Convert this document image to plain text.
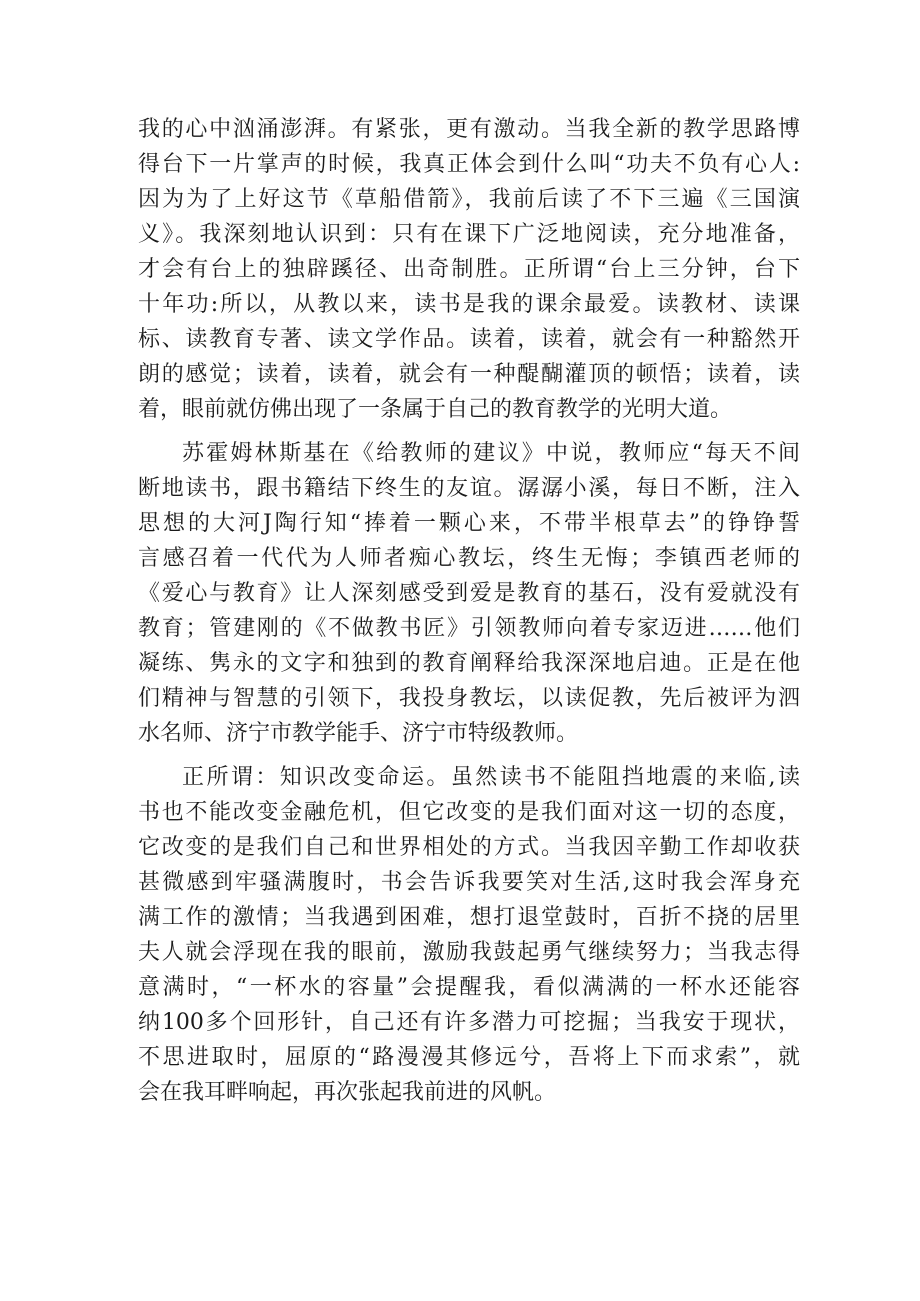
我的心中汹涌澎湃。有紧张，更有激动。当我全新的教学思路博
得台下一片掌声的时候，我真正体会到什么叫“功夫不负有心人:
因为为了上好这节《草船借箭》，我前后读了不下三遍《三国演
义》。我深刻地认识到：只有在课下广泛地阅读，充分地准备，
才会有台上的独辟蹊径、出奇制胜。正所谓“台上三分钟，台下
十年功:所以，从教以来，读书是我的课余最爱。读教材、读课
标、读教育专著、读文学作品。读着，读着，就会有一种豁然开
朗的感觉；读着，读着，就会有一种醍醐灌顶的顿悟；读着，读
着，眼前就仿佛出现了一条属于自己的教育教学的光明大道。
苏霍姆林斯基在《给教师的建议》中说，教师应“每天不间
断地读书，跟书籍结下终生的友谊。潺潺小溪，每日不断，注入
思想的大河J陶行知“捧着一颗心来，不带半根草去”的铮铮誓
言感召着一代代为人师者痴心教坛，终生无悔；李镇西老师的
《爱心与教育》让人深刻感受到爱是教育的基石，没有爱就没有
教育；管建刚的《不做教书匠》引领教师向着专家迈进……他们
凝练、隽永的文字和独到的教育阐释给我深深地启迪。正是在他
们精神与智慧的引领下，我投身教坛，以读促教，先后被评为泗
水名师、济宁市教学能手、济宁市特级教师。
正所谓：知识改变命运。虽然读书不能阻挡地震的来临,读
书也不能改变金融危机，但它改变的是我们面对这一切的态度，
它改变的是我们自己和世界相处的方式。当我因辛勤工作却收获
甚微感到牢骚满腹时，书会告诉我要笑对生活,这时我会浑身充
满工作的激情；当我遇到困难，想打退堂鼓时，百折不挠的居里
夫人就会浮现在我的眼前，激励我鼓起勇气继续努力；当我志得
意满时，“一杯水的容量”会提醒我，看似满满的一杯水还能容
纳100多个回形针，自己还有许多潜力可挖掘；当我安于现状，
不思进取时，屈原的“路漫漫其修远兮，吾将上下而求索”，就
会在我耳畔响起，再次张起我前进的风帆。
